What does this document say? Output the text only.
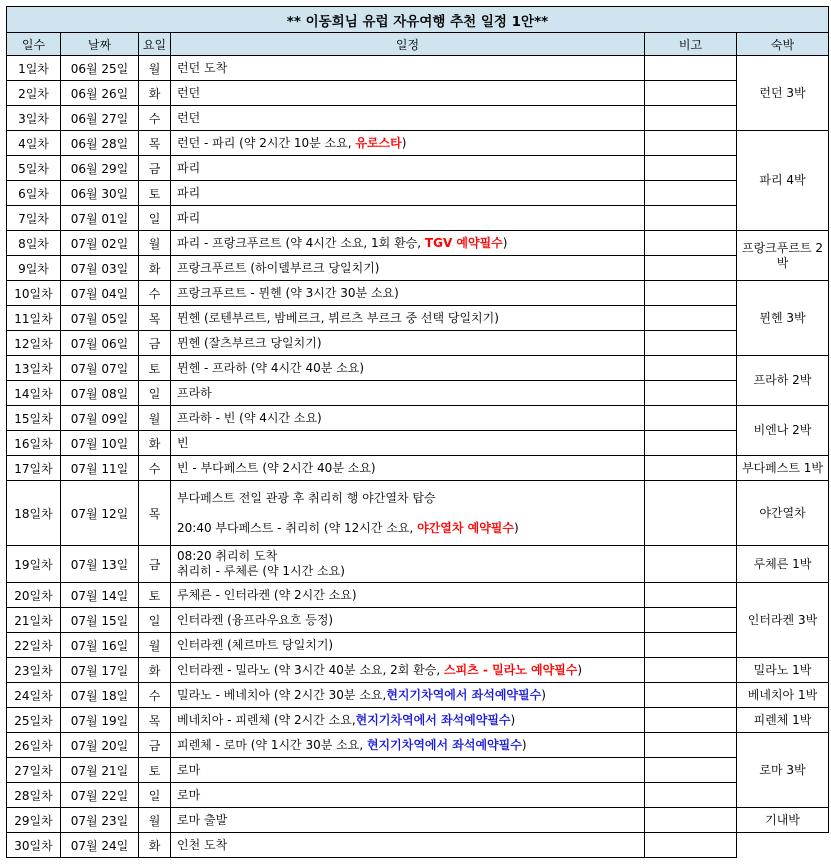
** 이동희님 유럽 자유여행 추천 일정 1안**					
일수	날짜	요일	일정	비고	숙박
1일차	06월 25일	월	런던 도착		런던 3박
2일차	06월 26일	화	런던		
3일차	06월 27일	수	런던		
4일차	06월 28일	목	런던 - 파리 (약 2시간 10분 소요, 유로스타)		파리 4박
5일차	06월 29일	금	파리		
6일차	06월 30일	토	파리		
7일차	07월 01일	일	파리		
8일차	07월 02일	월	파리 - 프랑크푸르트 (약 4시간 소요, 1회 환승, TGV 예약필수)		프랑크푸르트 2박
9일차	07월 03일	화	프랑크푸르트 (하이델부르크 당일치기)		
10일차	07월 04일	수	프랑크푸르트 - 뮌헨 (약 3시간 30분 소요)		뮌헨 3박
11일차	07월 05일	목	뮌헨 (로텐부르트, 밤베르크, 뷔르츠 부르크 중 선택 당일치기)		
12일차	07월 06일	금	뮌헨 (잘츠부르크 당일치기)		
13일차	07월 07일	토	뮌헨 - 프라하 (약 4시간 40분 소요)		프라하 2박
14일차	07월 08일	일	프라하		
15일차	07월 09일	월	프라하 - 빈 (약 4시간 소요)		비엔나 2박
16일차	07월 10일	화	빈		
17일차	07월 11일	수	빈 - 부다페스트 (약 2시간 40분 소요)		부다페스트 1박
18일차	07월 12일	목	부다페스트 전일 관광 후 취리히 행 야간열차 탑승
20:40 부다페스트 - 취리히 (약 12시간 소요, 야간열차 예약필수)		야간열차
19일차	07월 13일	금	08:20 취리히 도착
취리히 - 루체른 (약 1시간 소요)		루체른 1박
20일차	07월 14일	토	루체른 - 인터라켄 (약 2시간 소요)		인터라켄 3박
21일차	07월 15일	일	인터라켄 (융프라우요흐 등정)		
22일차	07월 16일	월	인터라켄 (체르마트 당일치기)		
23일차	07월 17일	화	인터라켄 - 밀라노 (약 3시간 40분 소요, 2회 환승, 스피츠 - 밀라노 예약필수)		밀라노 1박
24일차	07월 18일	수	밀라노 - 베네치아 (약 2시간 30분 소요,현지기차역에서 좌석예약필수)		베네치아 1박
25일차	07월 19일	목	베네치아 - 피렌체 (약 2시간 소요,현지기차역에서 좌석예약필수)		피렌체 1박
26일차	07월 20일	금	피렌체 - 로마 (약 1시간 30분 소요, 현지기차역에서 좌석예약필수)		로마 3박
27일차	07월 21일	토	로마		
28일차	07월 22일	일	로마		
29일차	07월 23일	월	로마 출발		기내박
30일차	07월 24일	화	인천 도착		
